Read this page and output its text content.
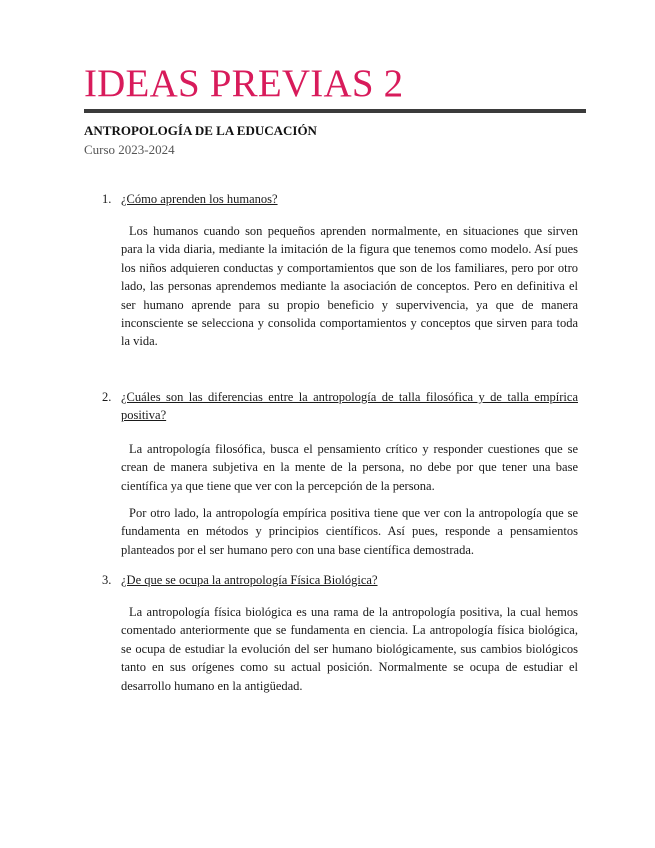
IDEAS PREVIAS 2
ANTROPOLOGÍA DE LA EDUCACIÓN
Curso 2023-2024
1. ¿Cómo aprenden los humanos?

Los humanos cuando son pequeños aprenden normalmente, en situaciones que sirven para la vida diaria, mediante la imitación de la figura que tenemos como modelo. Así pues los niños adquieren conductas y comportamientos que son de los familiares, pero por otro lado, las personas aprendemos mediante la asociación de conceptos. Pero en definitiva el ser humano aprende para su propio beneficio y supervivencia, ya que de manera inconsciente se selecciona y consolida comportamientos y conceptos que sirven para toda la vida.

2. ¿Cuáles son las diferencias entre la antropología de talla filosófica y de talla empírica positiva?

La antropología filosófica, busca el pensamiento crítico y responder cuestiones que se crean de manera subjetiva en la mente de la persona, no debe por que tener una base científica ya que tiene que ver con la percepción de la persona.

Por otro lado, la antropología empírica positiva tiene que ver con la antropología que se fundamenta en métodos y principios científicos. Así pues, responde a pensamientos planteados por el ser humano pero con una base científica demostrada.

3. ¿De que se ocupa la antropología Física Biológica?

La antropología física biológica es una rama de la antropología positiva, la cual hemos comentado anteriormente que se fundamenta en ciencia. La antropología física biológica, se ocupa de estudiar la evolución del ser humano biológicamente, sus cambios biológicos tanto en sus orígenes como su actual posición. Normalmente se ocupa de estudiar el desarrollo humano en la antigüedad.
